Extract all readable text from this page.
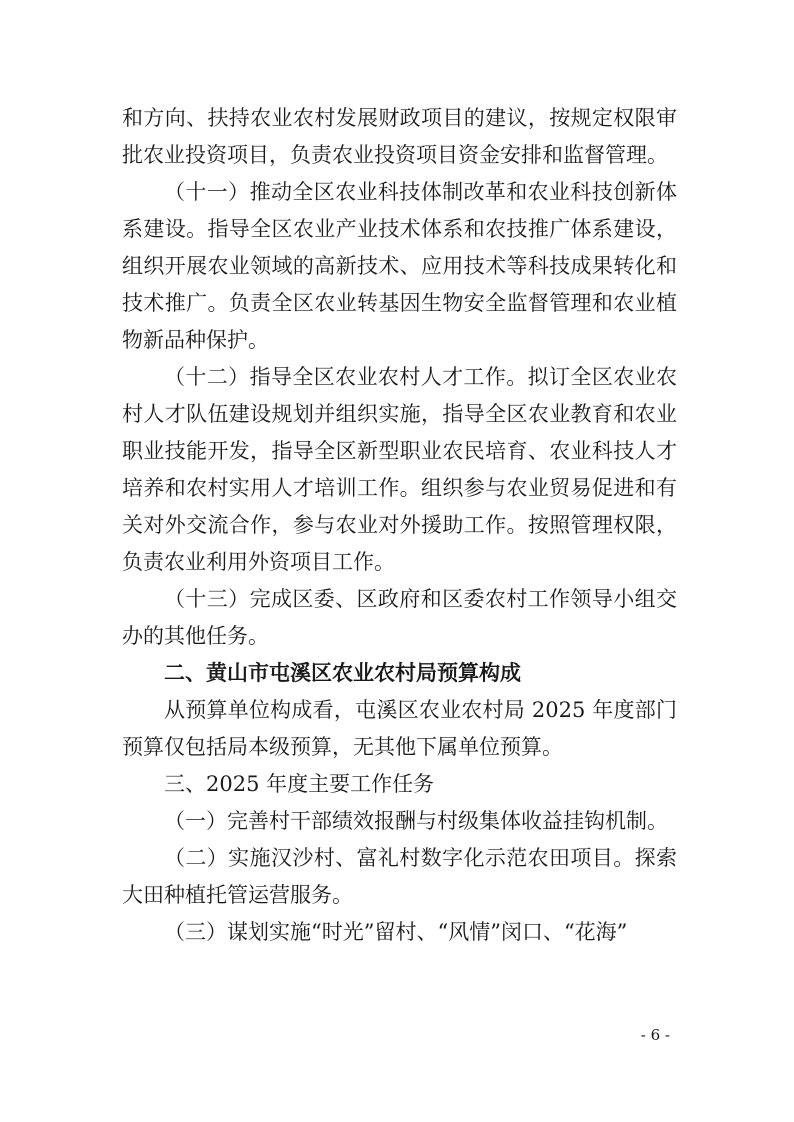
和方向、扶持农业农村发展财政项目的建议，按规定权限审批农业投资项目，负责农业投资项目资金安排和监督管理。

（十一）推动全区农业科技体制改革和农业科技创新体系建设。指导全区农业产业技术体系和农技推广体系建设，组织开展农业领域的高新技术、应用技术等科技成果转化和技术推广。负责全区农业转基因生物安全监督管理和农业植物新品种保护。

（十二）指导全区农业农村人才工作。拟订全区农业农村人才队伍建设规划并组织实施，指导全区农业教育和农业职业技能开发，指导全区新型职业农民培育、农业科技人才培养和农村实用人才培训工作。组织参与农业贸易促进和有关对外交流合作，参与农业对外援助工作。按照管理权限，负责农业利用外资项目工作。

（十三）完成区委、区政府和区委农村工作领导小组交办的其他任务。

二、黄山市屯溪区农业农村局预算构成

从预算单位构成看，屯溪区农业农村局 2025 年度部门预算仅包括局本级预算，无其他下属单位预算。

三、2025 年度主要工作任务

（一）完善村干部绩效报酬与村级集体收益挂钩机制。

（二）实施汉沙村、富礼村数字化示范农田项目。探索大田种植托管运营服务。

（三）谋划实施“时光”留村、“风情”闵口、“花海”

- 6 -
